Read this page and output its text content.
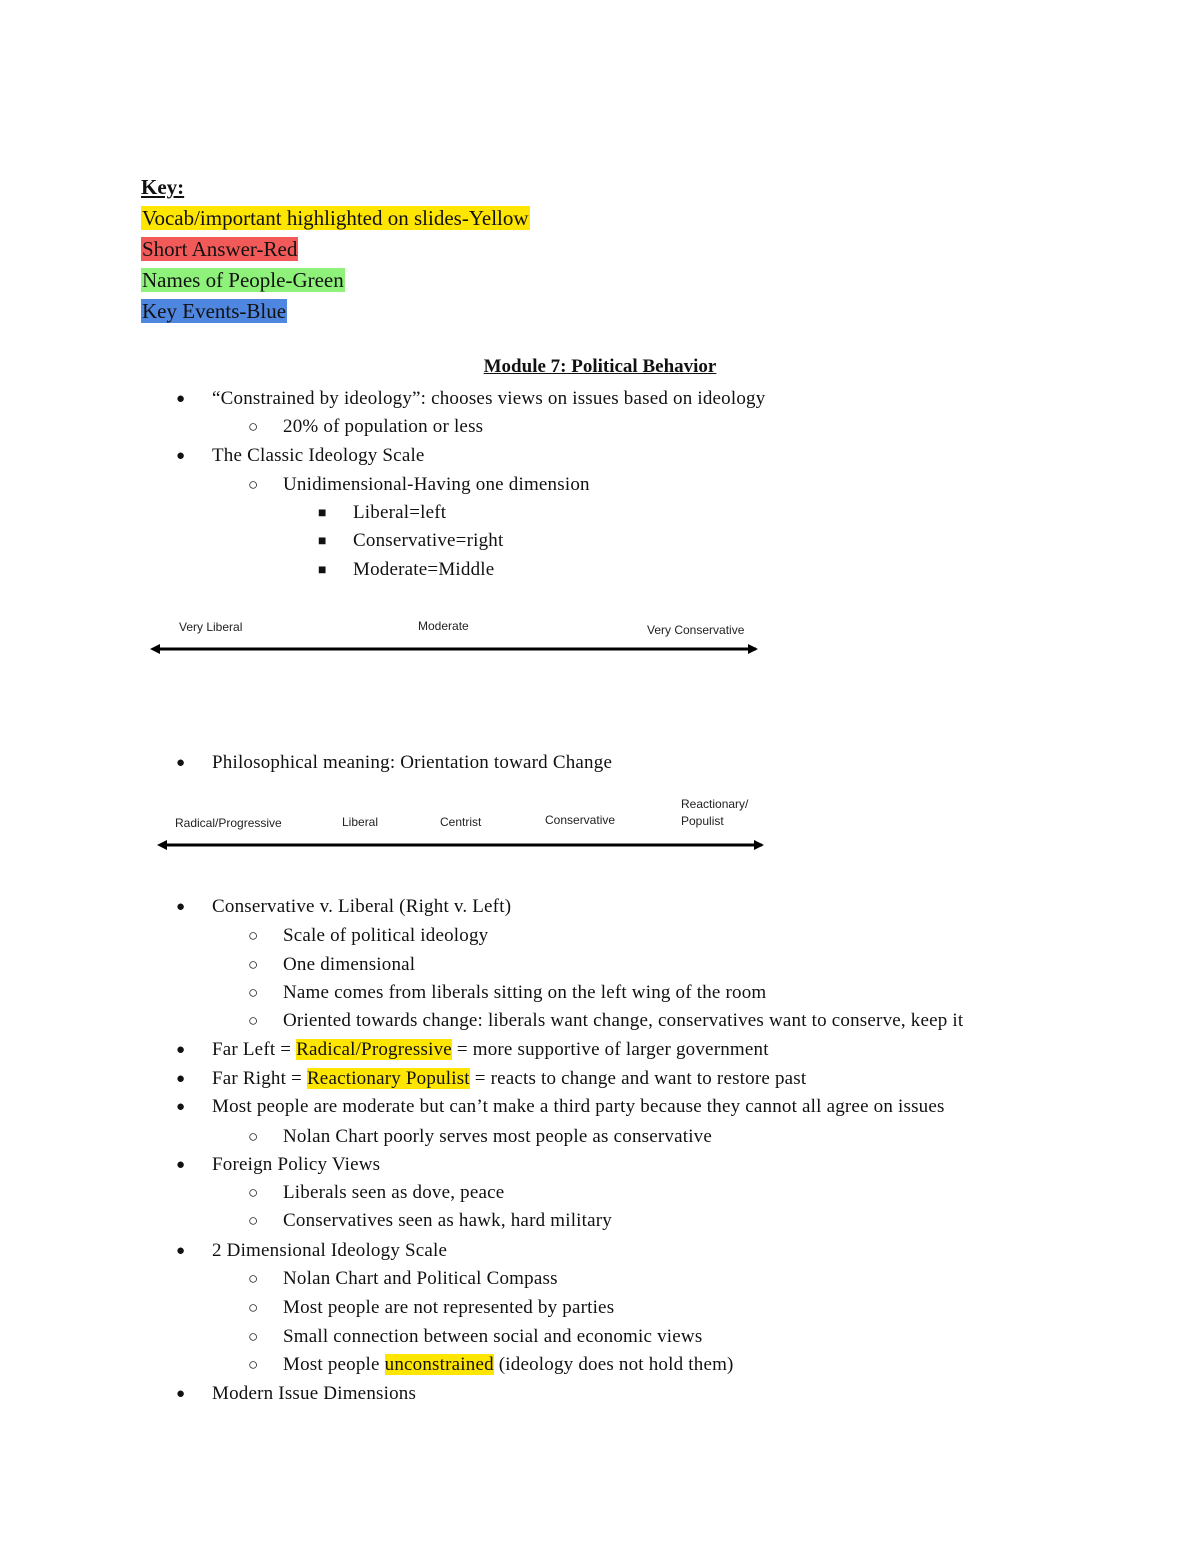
Key:
Vocab/important highlighted on slides-Yellow
Short Answer-Red
Names of People-Green
Key Events-Blue
Module 7: Political Behavior
● “Constrained by ideology”: chooses views on issues based on ideology
○ 20% of population or less
● The Classic Ideology Scale
○ Unidimensional-Having one dimension
■ Liberal=left
■ Conservative=right
■ Moderate=Middle
Very Liberal	Moderate	Very Conservative
Radical/Progressive	Liberal	Centrist	Conservative
Reactionary/
Populist
● Philosophical meaning: Orientation toward Change
● Conservative v. Liberal (Right v. Left)
○ Scale of political ideology
○ One dimensional
○ Name comes from liberals sitting on the left wing of the room
○ Oriented towards change: liberals want change, conservatives want to conserve, keep it
● Far Left = Radical/Progressive = more supportive of larger government
● Far Right = Reactionary Populist = reacts to change and want to restore past
● Most people are moderate but can’t make a third party because they cannot all agree on issues
○ Nolan Chart poorly serves most people as conservative
● Foreign Policy Views
○ Liberals seen as dove, peace
○ Conservatives seen as hawk, hard military
● 2 Dimensional Ideology Scale
○ Nolan Chart and Political Compass
○ Most people are not represented by parties
○ Small connection between social and economic views
○ Most people unconstrained (ideology does not hold them)
● Modern Issue Dimensions
